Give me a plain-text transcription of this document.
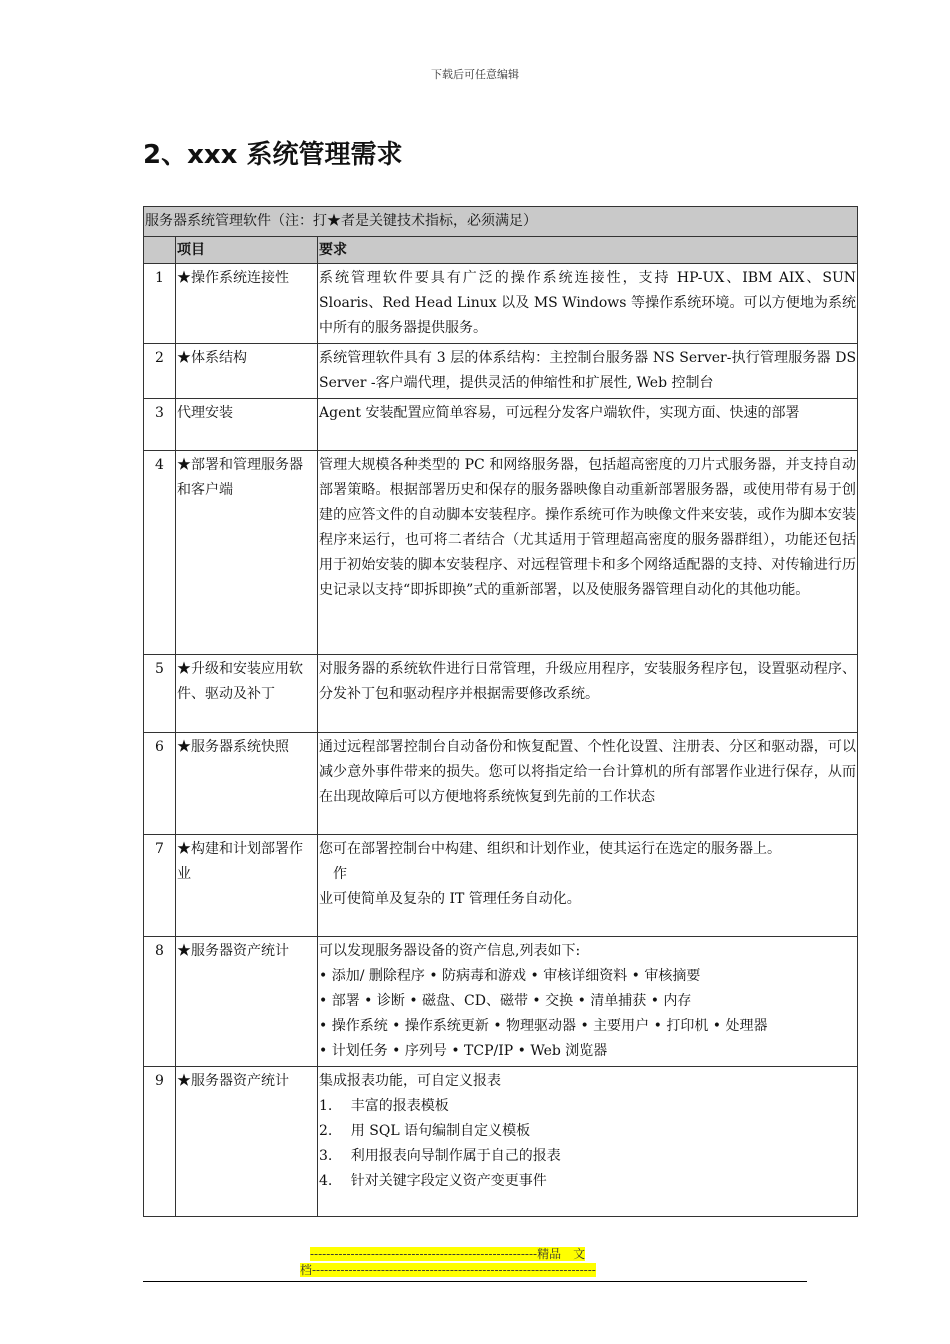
下载后可任意编辑
2、xxx 系统管理需求
服务器系统管理软件（注：打★者是关键技术指标，必须满足）		
	项目	要求
1	★操作系统连接性	系统管理软件要具有广泛的操作系统连接性，支持 HP-UX、IBM AIX、SUN Sloaris、Red Head Linux 以及 MS Windows 等操作系统环境。可以方便地为系统中所有的服务器提供服务。

2	★体系结构	系统管理软件具有 3 层的体系结构：主控制台服务器 NS Server-执行管理服务器 DS Server -客户端代理，提供灵活的伸缩性和扩展性, Web 控制台

3	代理安装	Agent 安装配置应简单容易，可远程分发客户端软件，实现方面、快速的部署

4	★部署和管理服务器和客户端	管理大规模各种类型的 PC 和网络服务器，包括超高密度的刀片式服务器，并支持自动部署策略。根据部署历史和保存的服务器映像自动重新部署服务器，或使用带有易于创建的应答文件的自动脚本安装程序。操作系统可作为映像文件来安装，或作为脚本安装程序来运行，也可将二者结合（尤其适用于管理超高密度的服务器群组），功能还包括用于初始安装的脚本安装程序、对远程管理卡和多个网络适配器的支持、对传输进行历史记录以支持“即拆即换”式的重新部署，以及使服务器管理自动化的其他功能。

5	★升级和安装应用软件、驱动及补丁	对服务器的系统软件进行日常管理，升级应用程序，安装服务程序包，设置驱动程序、分发补丁包和驱动程序并根据需要修改系统。

6	★服务器系统快照	通过远程部署控制台自动备份和恢复配置、个性化设置、注册表、分区和驱动器，可以减少意外事件带来的损失。您可以将指定给一台计算机的所有部署作业进行保存，从而在出现故障后可以方便地将系统恢复到先前的工作状态

7	★构建和计划部署作业	您可在部署控制台中构建、组织和计划作业，使其运行在选定的服务器上。
　作
业可使简单及复杂的 IT 管理任务自动化。

8	★服务器资产统计	可以发现服务器设备的资产信息,列表如下:
• 添加/ 删除程序 • 防病毒和游戏 • 审核详细资料 • 审核摘要
• 部署 • 诊断 • 磁盘、CD、磁带 • 交换 • 清单捕获 • 内存
• 操作系统 • 操作系统更新 • 物理驱动器 • 主要用户 • 打印机 • 处理器
• 计划任务 • 序列号 • TCP/IP • Web 浏览器

9	★服务器资产统计	集成报表功能，可自定义报表
1.　 丰富的报表模板
2.　 用 SQL 语句编制自定义模板
3.　 利用报表向导制作属于自己的报表
4.　 针对关键字段定义资产变更事件
--------------------------------------------------------精品　文
档----------------------------------------------------------------------
